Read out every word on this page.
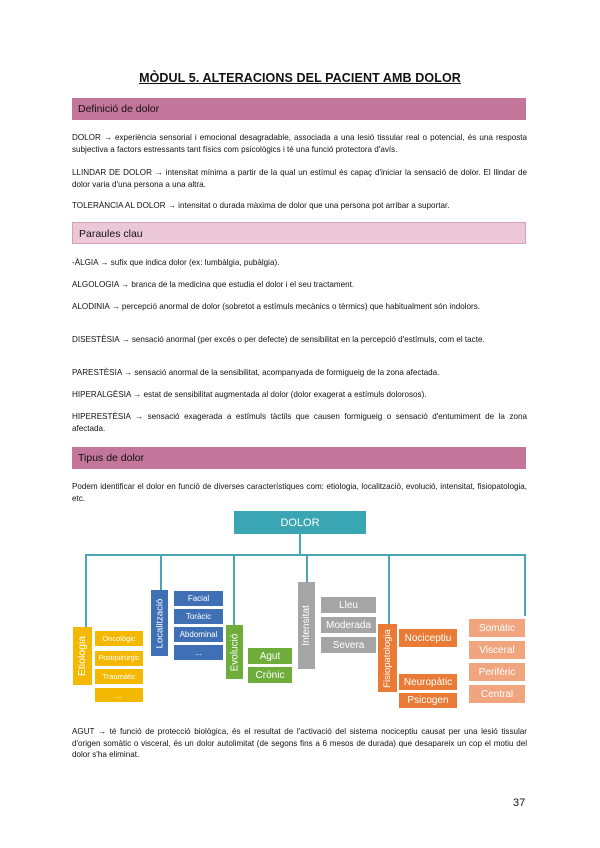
MÒDUL 5. ALTERACIONS DEL PACIENT AMB DOLOR
Definició de dolor
DOLOR → experiència sensorial i emocional desagradable, associada a una lesió tissular real o potencial, és una resposta subjectiva a factors estressants tant físics com psicològics i té una funció protectora d'avís.
LLINDAR DE DOLOR → intensitat mínima a partir de la qual un estímul és capaç d'iniciar la sensació de dolor. El llindar de dolor varia d'una persona a una altra.
TOLERÀNCIA AL DOLOR → intensitat o durada màxima de dolor que una persona pot arribar a suportar.
Paraules clau
-ÀLGIA → sufix que indica dolor (ex: lumbàlgia, pubàlgia).
ALGOLOGIA → branca de la medicina que estudia el dolor i el seu tractament.
ALODINIA → percepció anormal de dolor (sobretot a estímuls mecànics o tèrmics) que habitualment són indolors.
DISESTÈSIA → sensació anormal (per excés o per defecte) de sensibilitat en la percepció d'estímuls, com el tacte.
PARESTÈSIA → sensació anormal de la sensibilitat, acompanyada de formigueig de la zona afectada.
HIPERALGÈSIA → estat de sensibilitat augmentada al dolor (dolor exagerat a estímuls dolorosos).
HIPERESTÈSIA → sensació exagerada a estímuls tàctils que causen formigueig o sensació d'entumiment de la zona afectada.
Tipus de dolor
Podem identificar el dolor en funció de diverses característiques com: etiologia, localització, evolució, intensitat, fisiopatologia, etc.
DOLOR
Etiologia	Oncològic
Postquirúrgic
Traumàtic
...
Localització	Facial
Toràcic
Abdominal
...	Evolució	Agut
Crònic
Intensitat
Lleu
Moderada
Severa	Fisiopatologia	Nociceptiu
Neuropàtic
Psicogen
Somàtic
Visceral
Perifèric
Central
AGUT → té funció de protecció biològica, és el resultat de l'activació del sistema nociceptiu causat per una lesió tissular d'origen somàtic o visceral, és un dolor autolimitat (de segons fins a 6 mesos de durada) que desapareix un cop el motiu del dolor s'ha eliminat.
37
